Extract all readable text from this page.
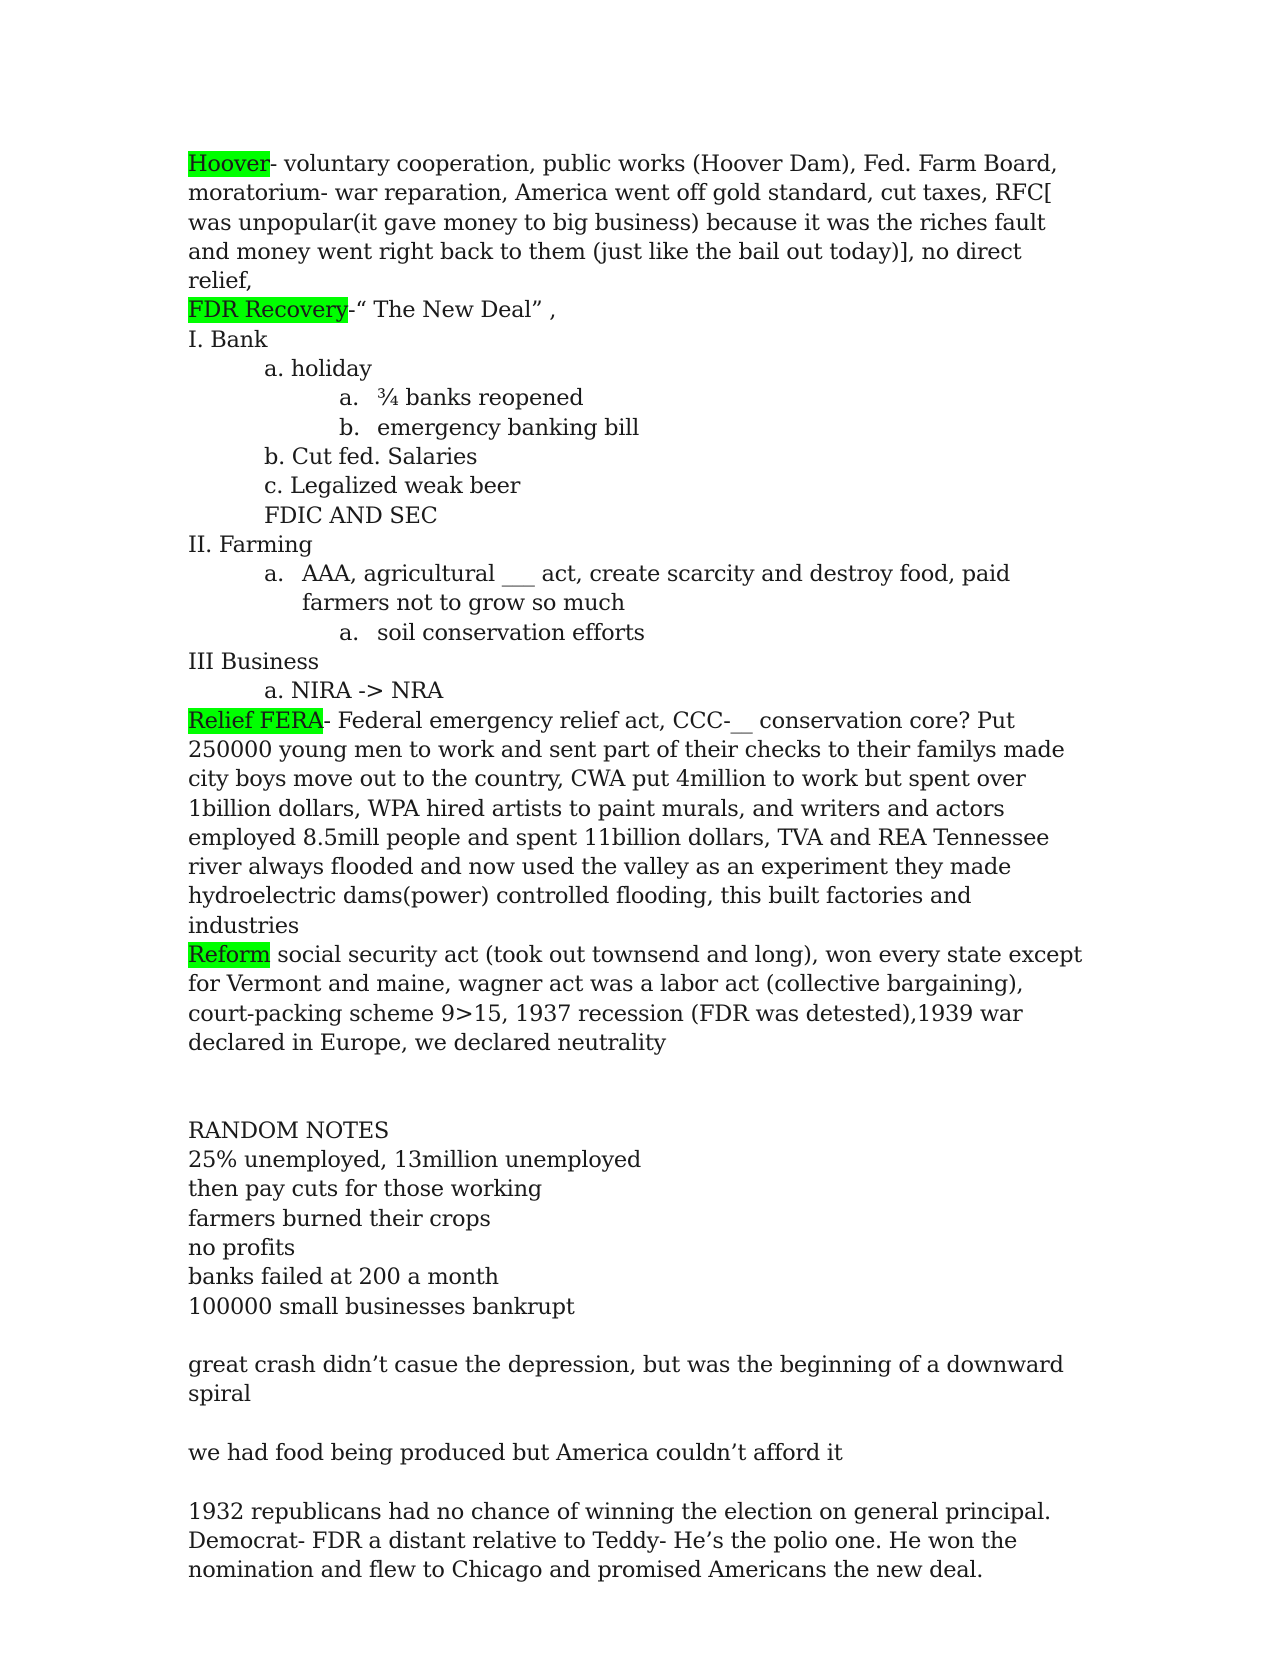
Hoover- voluntary cooperation, public works (Hoover Dam), Fed. Farm Board, moratorium- war reparation, America went off gold standard, cut taxes, RFC[ was unpopular(it gave money to big business) because it was the riches fault and money went right back to them (just like the bail out today)], no direct relief,
FDR Recovery-“ The New Deal” ,
I. Bank
a. holiday
a. ¾ banks reopened
b. emergency banking bill
b. Cut fed. Salaries
c. Legalized weak beer
FDIC AND SEC
II. Farming
a. AAA, agricultural ___ act, create scarcity and destroy food, paid farmers not to grow so much
a. soil conservation efforts
III Business
a. NIRA -> NRA
Relief FERA- Federal emergency relief act, CCC-__ conservation core? Put 250000 young men to work and sent part of their checks to their familys made city boys move out to the country, CWA put 4million to work but spent over 1billion dollars, WPA hired artists to paint murals, and writers and actors employed 8.5mill people and spent 11billion dollars, TVA and REA Tennessee river always flooded and now used the valley as an experiment they made hydroelectric dams(power) controlled flooding, this built factories and industries
Reform social security act (took out townsend and long), won every state except for Vermont and maine, wagner act was a labor act (collective bargaining), court-packing scheme 9>15, 1937 recession (FDR was detested),1939 war declared in Europe, we declared neutrality
RANDOM NOTES
25% unemployed, 13million unemployed
then pay cuts for those working
farmers burned their crops
no profits
banks failed at 200 a month
100000 small businesses bankrupt
great crash didn’t casue the depression, but was the beginning of a downward spiral
we had food being produced but America couldn’t afford it
1932 republicans had no chance of winning the election on general principal. Democrat- FDR a distant relative to Teddy- He’s the polio one. He won the nomination and flew to Chicago and promised Americans the new deal.
